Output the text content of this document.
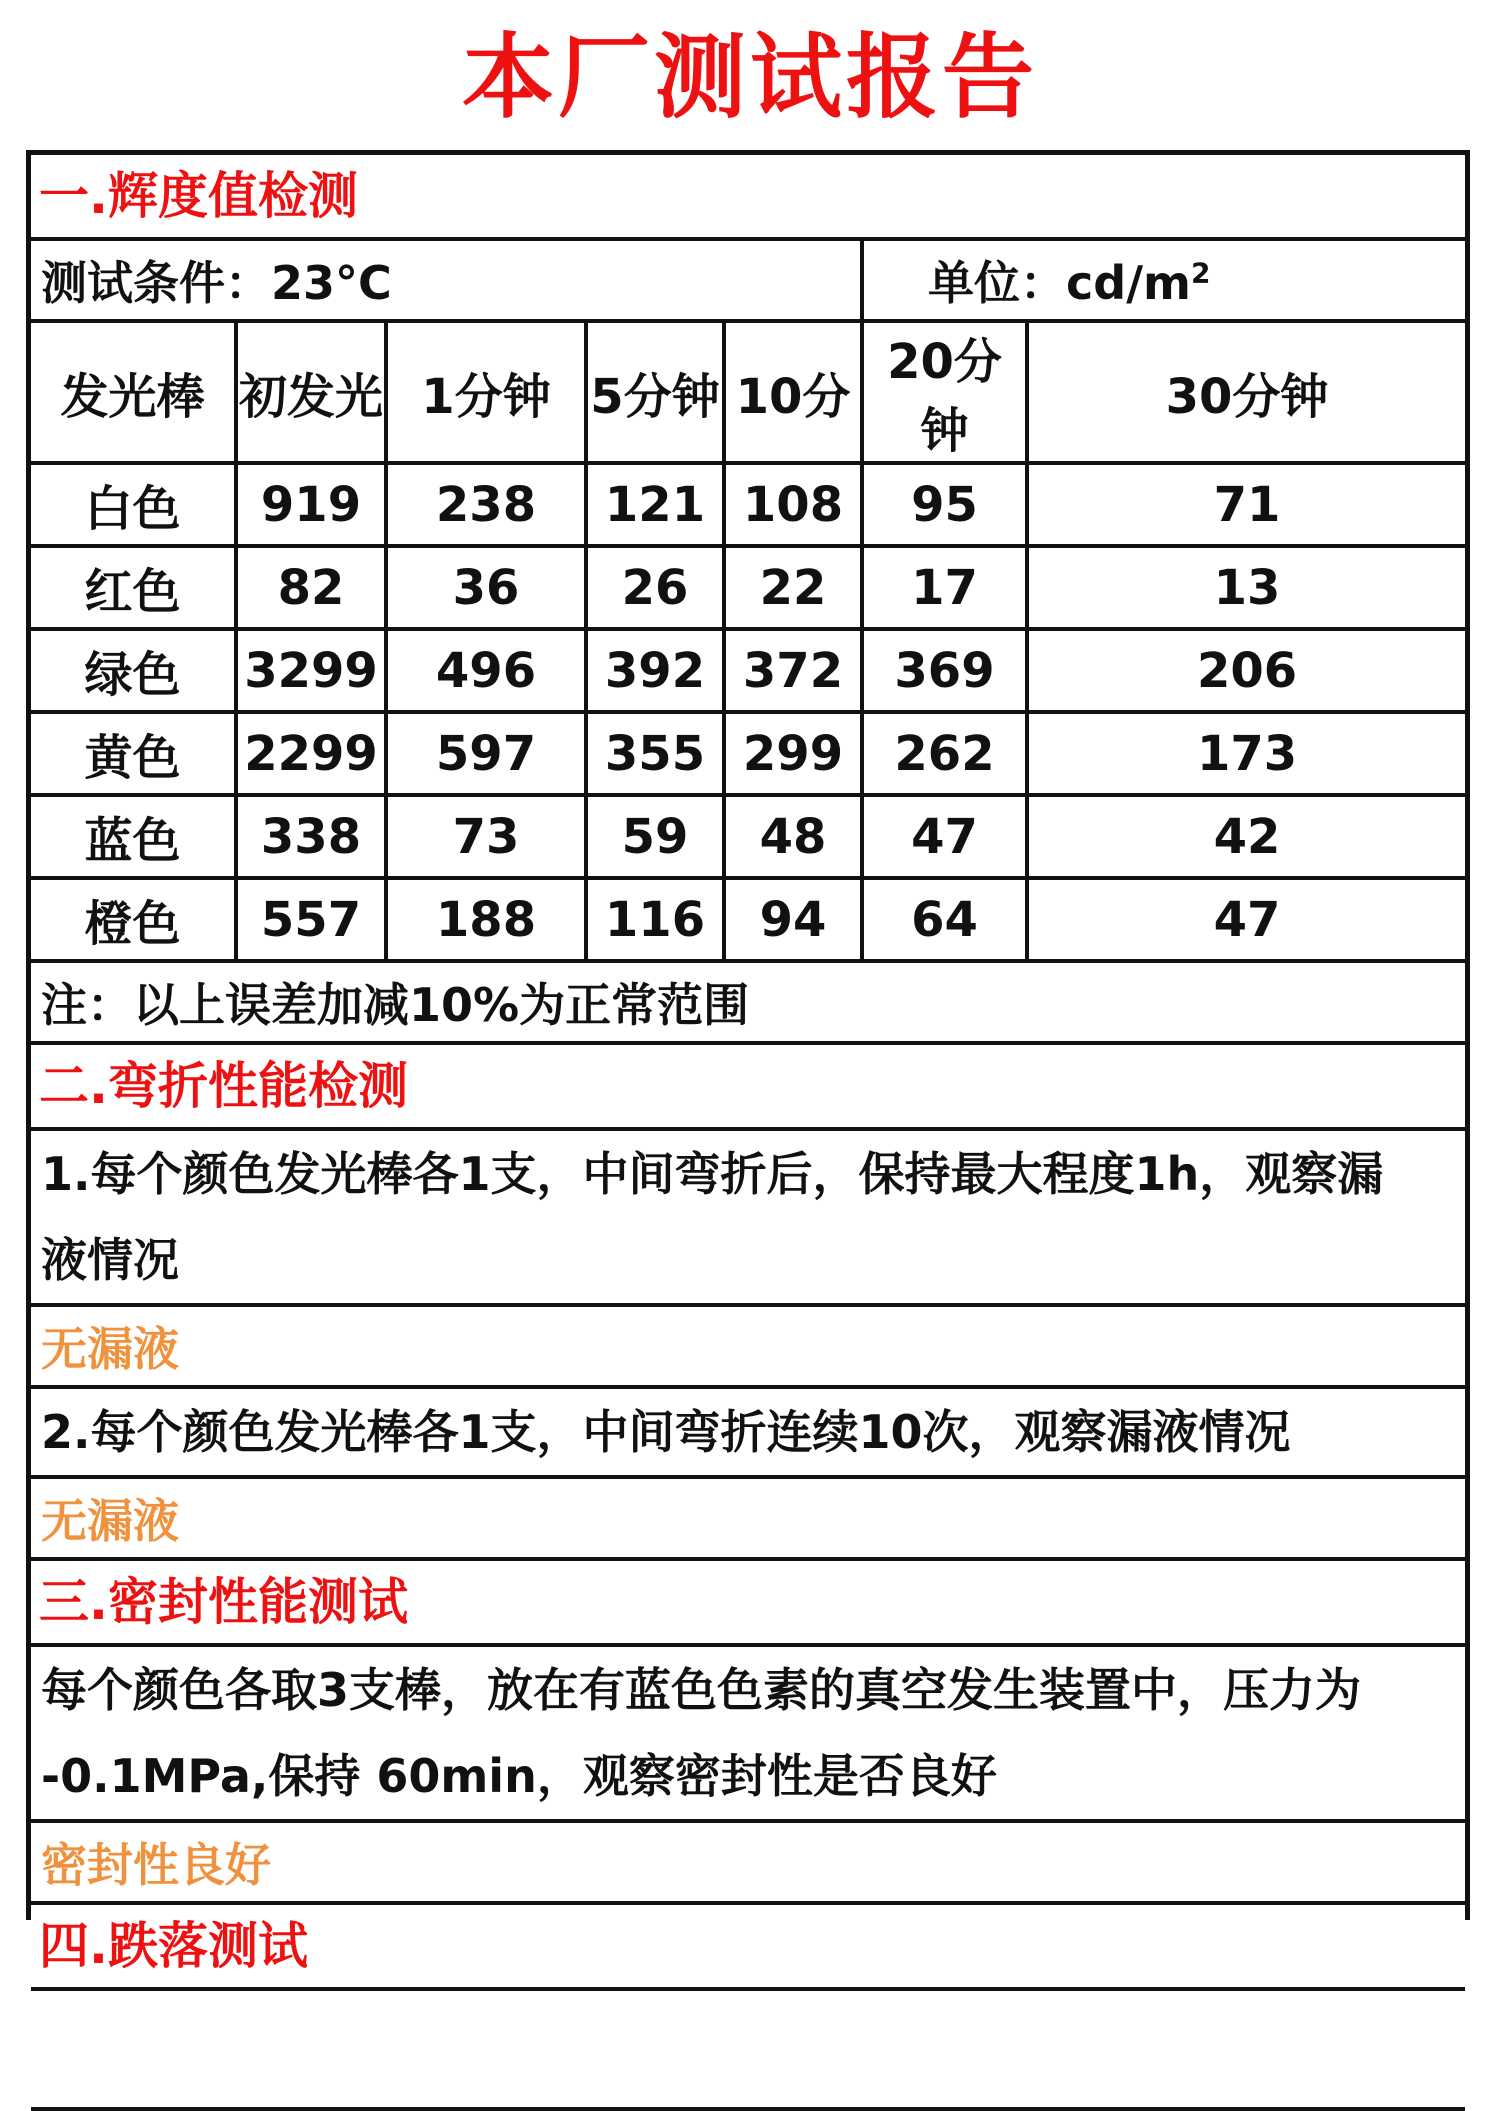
本厂测试报告
一.辉度值检测						
测试条件：23°C					单位：$cd/m^2$
发光棒	初发光	1分钟	5分钟	10分	20分钟	30分钟
白色	919	238	121	108	95	71
红色	82	36	26	22	17	13
绿色	3299	496	392	372	369	206
黄色	2299	597	355	299	262	173
蓝色	338	73	59	48	47	42
橙色	557	188	116	94	64	47
注：以上误差加减10%为正常范围						
二.弯折性能检测						

1.每个颜色发光棒各1支，中间弯折后，保持最大程度1h，观察漏
液情况						

无漏液						
2.每个颜色发光棒各1支，中间弯折连续10次，观察漏液情况						
无漏液						
三.密封性能测试						

每个颜色各取3支棒，放在有蓝色色素的真空发生装置中，压力为
-0.1MPa,保持 60min，观察密封性是否良好						

密封性良好						
四.跌落测试						
